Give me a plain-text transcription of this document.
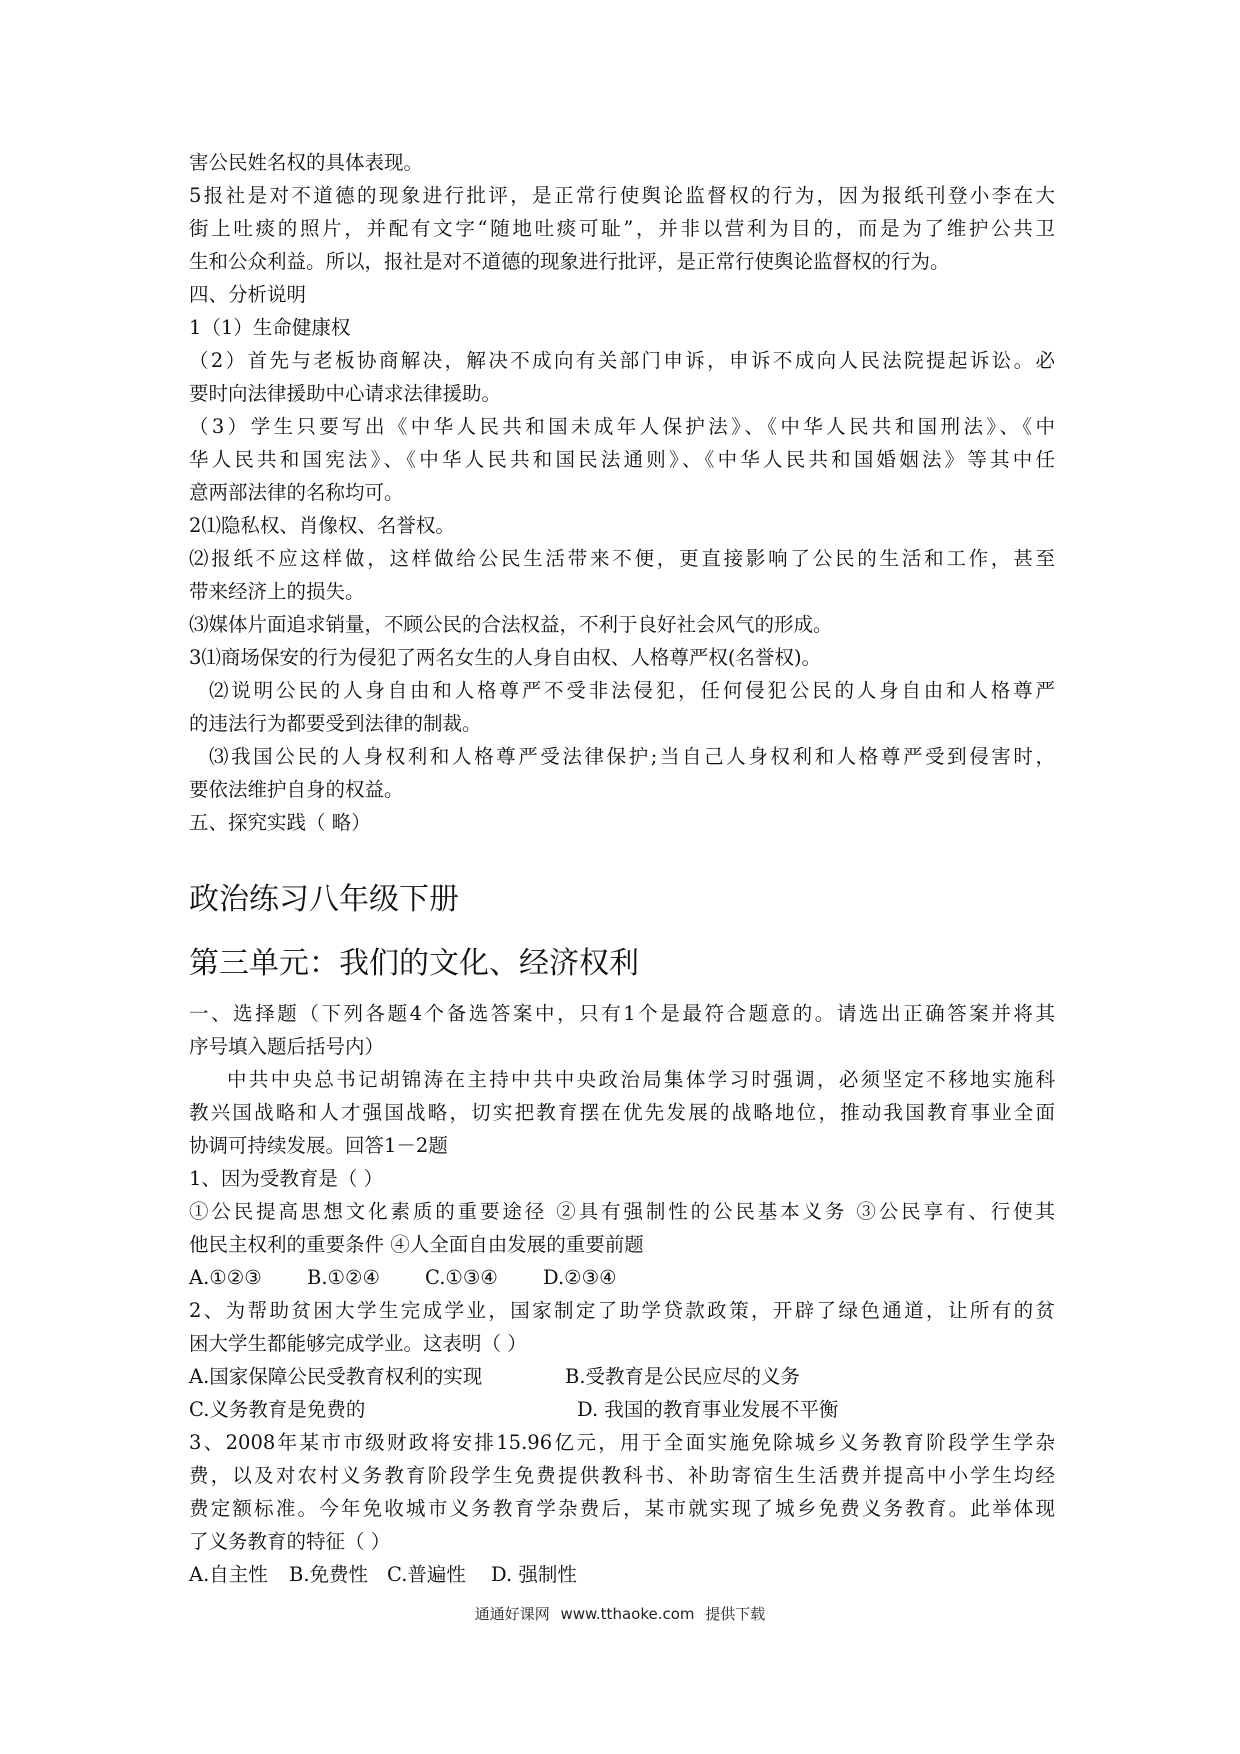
害公民姓名权的具体表现。
5报社是对不道德的现象进行批评，是正常行使舆论监督权的行为，因为报纸刊登小李在大
街上吐痰的照片，并配有文字“随地吐痰可耻”，并非以营利为目的，而是为了维护公共卫
生和公众利益。所以，报社是对不道德的现象进行批评，是正常行使舆论监督权的行为。
四、分析说明
1（1）生命健康权
（2）首先与老板协商解决，解决不成向有关部门申诉，申诉不成向人民法院提起诉讼。必
要时向法律援助中心请求法律援助。
（3）学生只要写出《中华人民共和国未成年人保护法》、《中华人民共和国刑法》、《中
华人民共和国宪法》、《中华人民共和国民法通则》、《中华人民共和国婚姻法》等其中任
意两部法律的名称均可。
2⑴隐私权、肖像权、名誉权。
⑵报纸不应这样做，这样做给公民生活带来不便，更直接影响了公民的生活和工作，甚至
带来经济上的损失。
⑶媒体片面追求销量，不顾公民的合法权益，不利于良好社会风气的形成。
3⑴商场保安的行为侵犯了两名女生的人身自由权、人格尊严权(名誉权)。
⑵说明公民的人身自由和人格尊严不受非法侵犯，任何侵犯公民的人身自由和人格尊严
的违法行为都要受到法律的制裁。
⑶我国公民的人身权利和人格尊严受法律保护;当自己人身权利和人格尊严受到侵害时，
要依法维护自身的权益。
五、探究实践（ 略）
政治练习八年级下册
第三单元：我们的文化、经济权利
一、选择题（下列各题4个备选答案中，只有1个是最符合题意的。请选出正确答案并将其
序号填入题后括号内）
中共中央总书记胡锦涛在主持中共中央政治局集体学习时强调，必须坚定不移地实施科
教兴国战略和人才强国战略，切实把教育摆在优先发展的战略地位，推动我国教育事业全面
协调可持续发展。回答1－2题
1、因为受教育是（ ）
①公民提高思想文化素质的重要途径 ②具有强制性的公民基本义务 ③公民享有、行使其
他民主权利的重要条件 ④人全面自由发展的重要前题
A.①②③	B.①②④	C.①③④	D.②③④
2、为帮助贫困大学生完成学业，国家制定了助学贷款政策，开辟了绿色通道，让所有的贫
困大学生都能够完成学业。这表明（ ）
A.国家保障公民受教育权利的实现	B.受教育是公民应尽的义务
C.义务教育是免费的	D. 我国的教育事业发展不平衡
3、2008年某市市级财政将安排15.96亿元，用于全面实施免除城乡义务教育阶段学生学杂
费，以及对农村义务教育阶段学生免费提供教科书、补助寄宿生生活费并提高中小学生均经
费定额标准。今年免收城市义务教育学杂费后，某市就实现了城乡免费义务教育。此举体现
了义务教育的特征（ ）
A.自主性	B.免费性 C.普遍性	D. 强制性
通通好课网 www.tthaoke.com 提供下载
